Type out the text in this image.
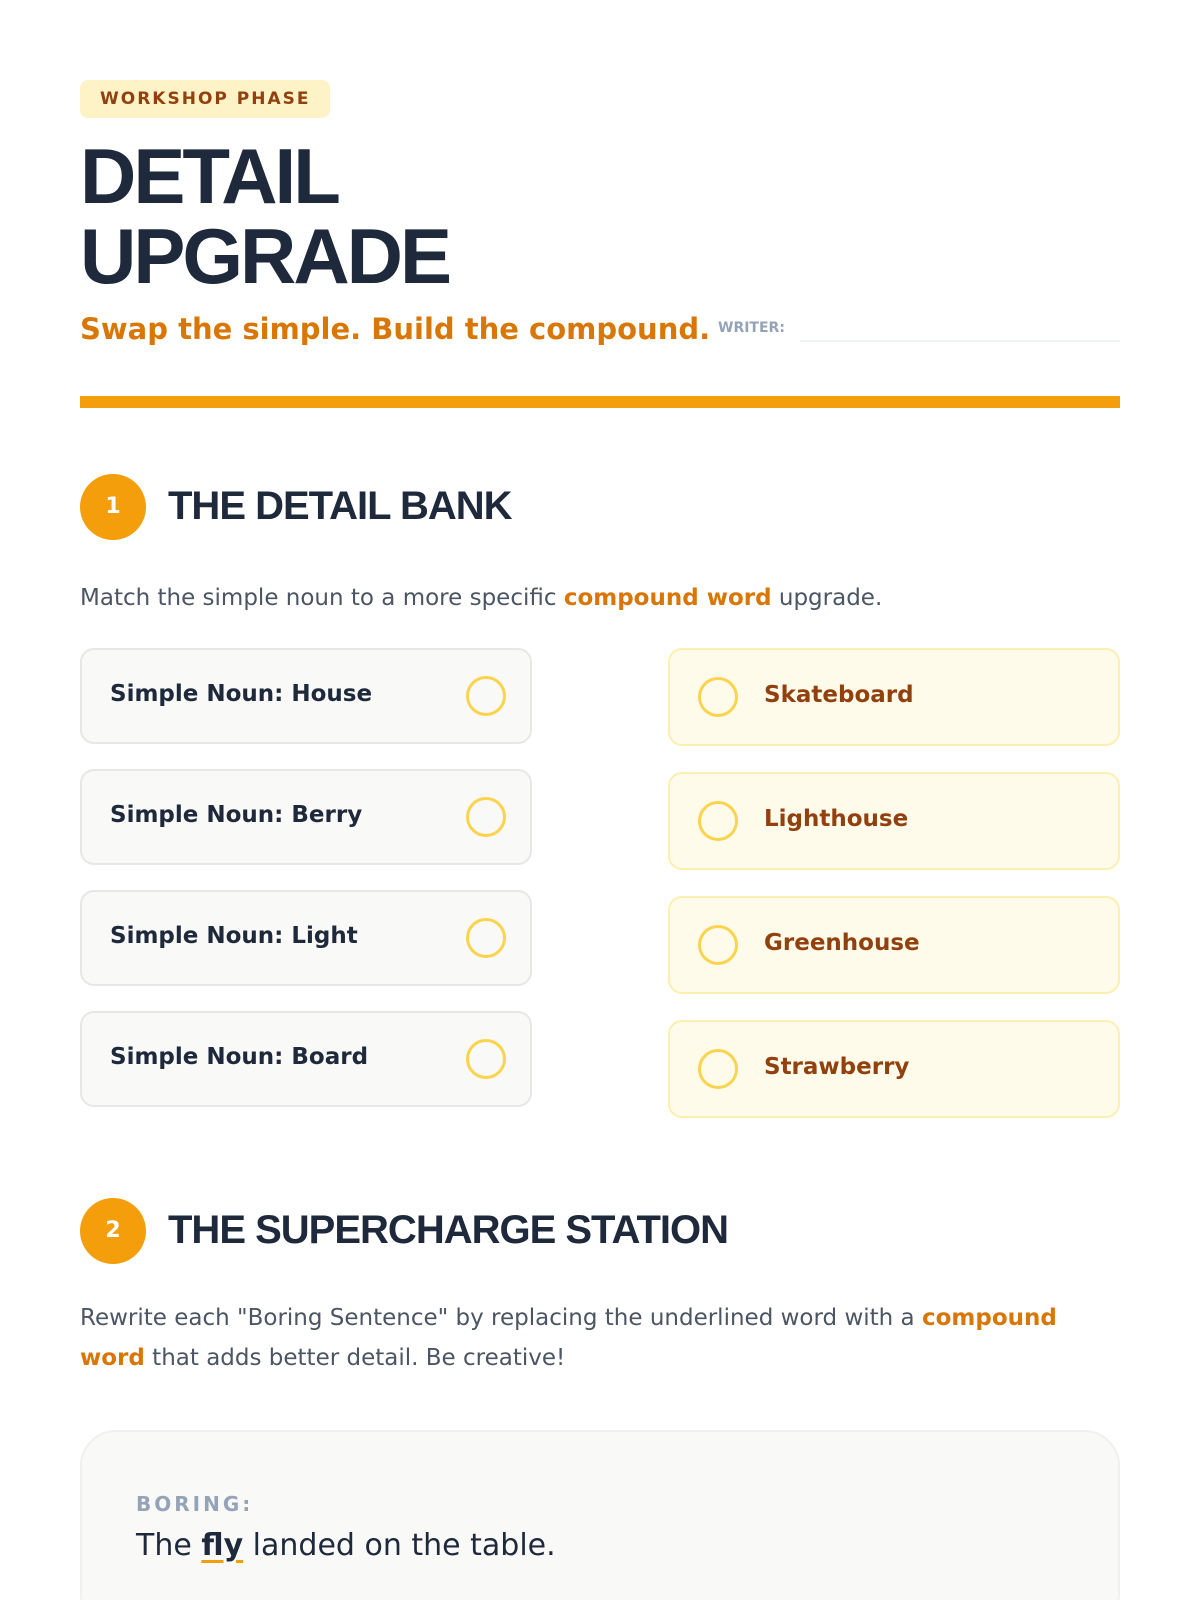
WORKSHOP PHASE
DETAIL
UPGRADE
Swap the simple. Build the compound. WRITER:
1	THE DETAIL BANK

Match the simple noun to a more specific compound word upgrade.

Simple Noun: House
Simple Noun: Berry
Simple Noun: Light
Simple Noun: Board
Skateboard
Lighthouse
Greenhouse
Strawberry
2	THE SUPERCHARGE STATION

Rewrite each "Boring Sentence" by replacing the underlined word with a compound word that adds better detail. Be creative!

BORING:
The fly landed on the table.
